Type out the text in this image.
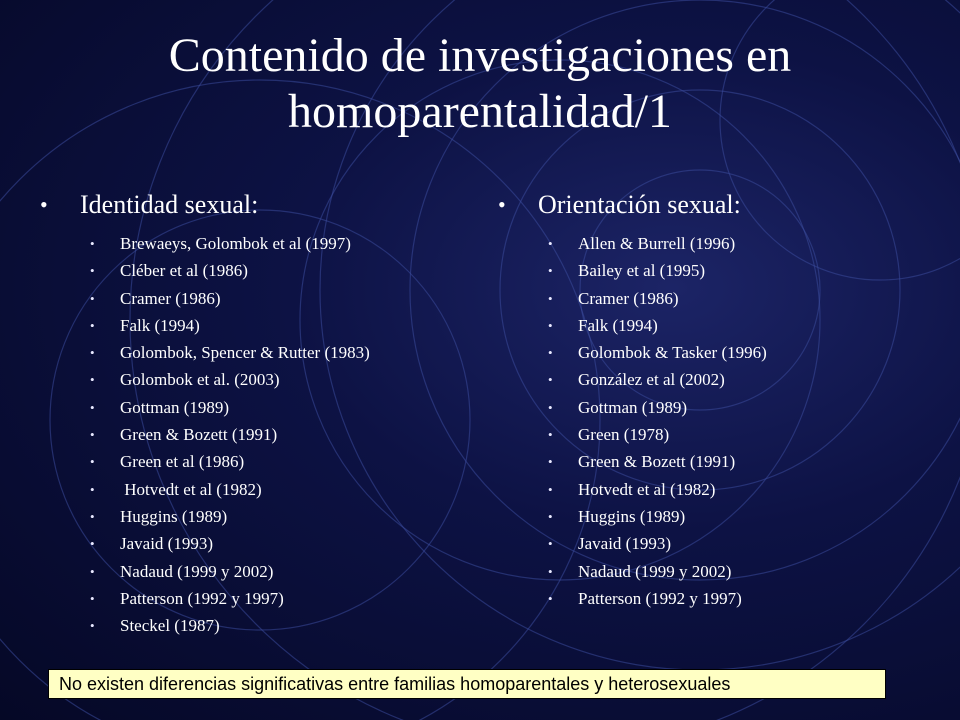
Contenido de investigaciones en homoparentalidad/1
• Identidad sexual:
• Brewaeys, Golombok et al (1997)
• Cléber et al (1986)
• Cramer (1986)
• Falk (1994)
• Golombok, Spencer & Rutter (1983)
• Golombok et al. (2003)
• Gottman (1989)
• Green & Bozett (1991)
• Green et al (1986)
• Hotvedt et al (1982)
• Huggins (1989)
• Javaid (1993)
• Nadaud (1999 y 2002)
• Patterson (1992 y 1997)
• Steckel (1987)
• Orientación sexual:
• Allen & Burrell (1996)
• Bailey et al (1995)
• Cramer (1986)
• Falk (1994)
• Golombok & Tasker (1996)
• González et al (2002)
• Gottman (1989)
• Green (1978)
• Green & Bozett (1991)
• Hotvedt et al (1982)
• Huggins (1989)
• Javaid (1993)
• Nadaud (1999 y 2002)
• Patterson (1992 y 1997)
No existen diferencias significativas entre familias homoparentales y heterosexuales
